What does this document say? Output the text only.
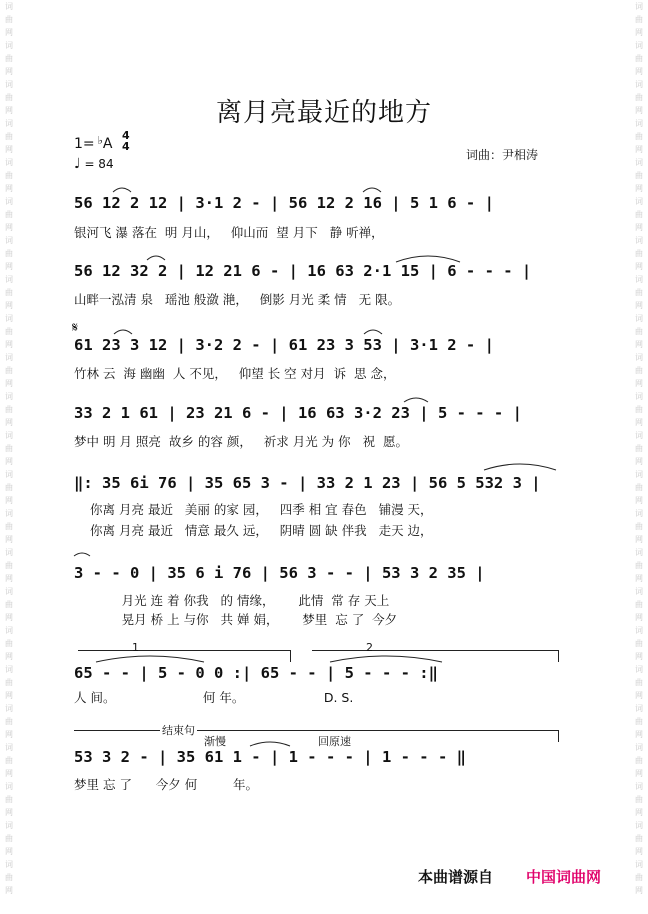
词曲网 词曲网 词曲网 词曲网 词曲网 词曲网 词曲网 词曲网 词曲网 词曲网 词曲网 词曲网 词曲网 词曲网 词曲网 词曲网 词曲网 词曲网 词曲网 词曲网 词曲网 词曲网 词曲网
词曲网 词曲网 词曲网 词曲网 词曲网 词曲网 词曲网 词曲网 词曲网 词曲网 词曲网 词曲网 词曲网 词曲网 词曲网 词曲网 词曲网 词曲网 词曲网 词曲网 词曲网 词曲网 词曲网
离月亮最近的地方
1= ♭A
4
4
♩ = 84
词曲：尹相涛
𝄋
56 12 2 12 | 3·1 2 - | 56 12 2 16 | 5 1 6 - |
银河飞 瀑 落在  明 月山，   仰山而  望 月下   静 听禅，
56 12 32 2 | 12 21 6 - | 16 63 2·1 15 | 6 - - - |
山畔一泓清 泉   瑶池 般潋 滟，   倒影 月光 柔 情   无 限。
61 23 3 12 | 3·2 2 - | 61 23 3 53 | 3·1 2 - |
竹林 云  海 幽幽  人 不见，   仰望 长 空 对月  诉  思 念，
33 2 1 61 | 23 21 6 - | 16 63 3·2 23 | 5 - - - |
梦中 明 月 照亮  故乡 的容 颜，   祈求 月光 为 你   祝  愿。
‖: 35 6i 76 | 35 65 3 - | 33 2 1 23 | 56 5 532 3 |
你离 月亮 最近   美丽 的家 园，   四季 相 宜 春色   铺漫 天，
你离 月亮 最近   情意 最久 远，   阴晴 圆 缺 伴我   走天 边，
3 - - 0 | 35 6 i 76 | 56 3 - - | 53 3 2 35 |
月光 连 着 你我   的 情缘，      此情  常 存 天上
晃月 桥 上 与你   共 婵 娟，      梦里  忘 了  今夕
1	2
65 - - | 5 - 0 0 :| 65 - - | 5 - - - :‖
人 间。                      何 年。                    D. S.
结束句
渐慢	回原速
53 3 2 - | 35 61 1 - | 1 - - - | 1 - - - ‖
梦里 忘 了      今夕 何         年。
本曲谱源自 中国词曲网
